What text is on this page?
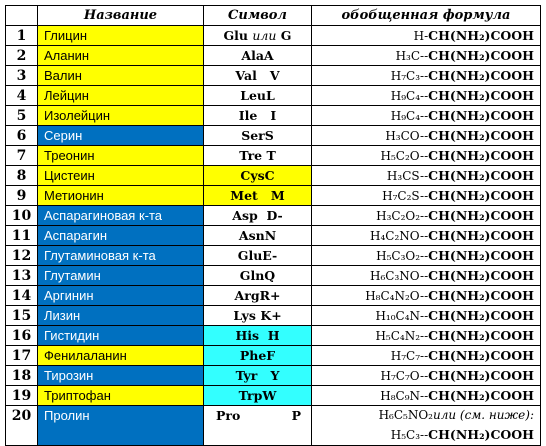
	Название	Символ	обобщенная формула
1	Глицин	Glu или G	H-CH(NH₂)COOH
2	Аланин	AlaA	H₃C--CH(NH₂)COOH
3	Валин	Val   V	H₇C₃--CH(NH₂)COOH
4	Лейцин	LeuL	H₉C₄--CH(NH₂)COOH
5	Изолейцин	Ile   I	H₉C₄--CH(NH₂)COOH
6	Серин	SerS	H₃CO--CH(NH₂)COOH
7	Треонин	Tre T	H₅C₂O--CH(NH₂)COOH
8	Цистеин	CysC	H₃CS--CH(NH₂)COOH
9	Метионин	Met   M	H₇C₂S--CH(NH₂)COOH
10	Аспарагиновая к-та	Asp  D-	H₃C₂O₂--CH(NH₂)COOH
11	Аспарагин	AsnN	H₄C₂NO--CH(NH₂)COOH
12	Глутаминовая к-та	GluE-	H₅C₃O₂--CH(NH₂)COOH
13	Глутамин	GlnQ	H₆C₃NO--CH(NH₂)COOH
14	Аргинин	ArgR+	H₈C₄N₂O--CH(NH₂)COOH
15	Лизин	Lys K+	H₁₀C₄N--CH(NH₂)COOH
16	Гистидин	His  H	H₅C₄N₂--CH(NH₂)COOH
17	Фенилаланин	PheF	H₇C₇--CH(NH₂)COOH
18	Тирозин	Tyr   Y	H₇C₇O--CH(NH₂)COOH
19	Триптофан	TrpW	H₈C₉N--CH(NH₂)COOH
20	Пролин	Pro P	H₆C₅NO₂или (см. ниже):
H₅C₃--CH(NH₂)COOH
